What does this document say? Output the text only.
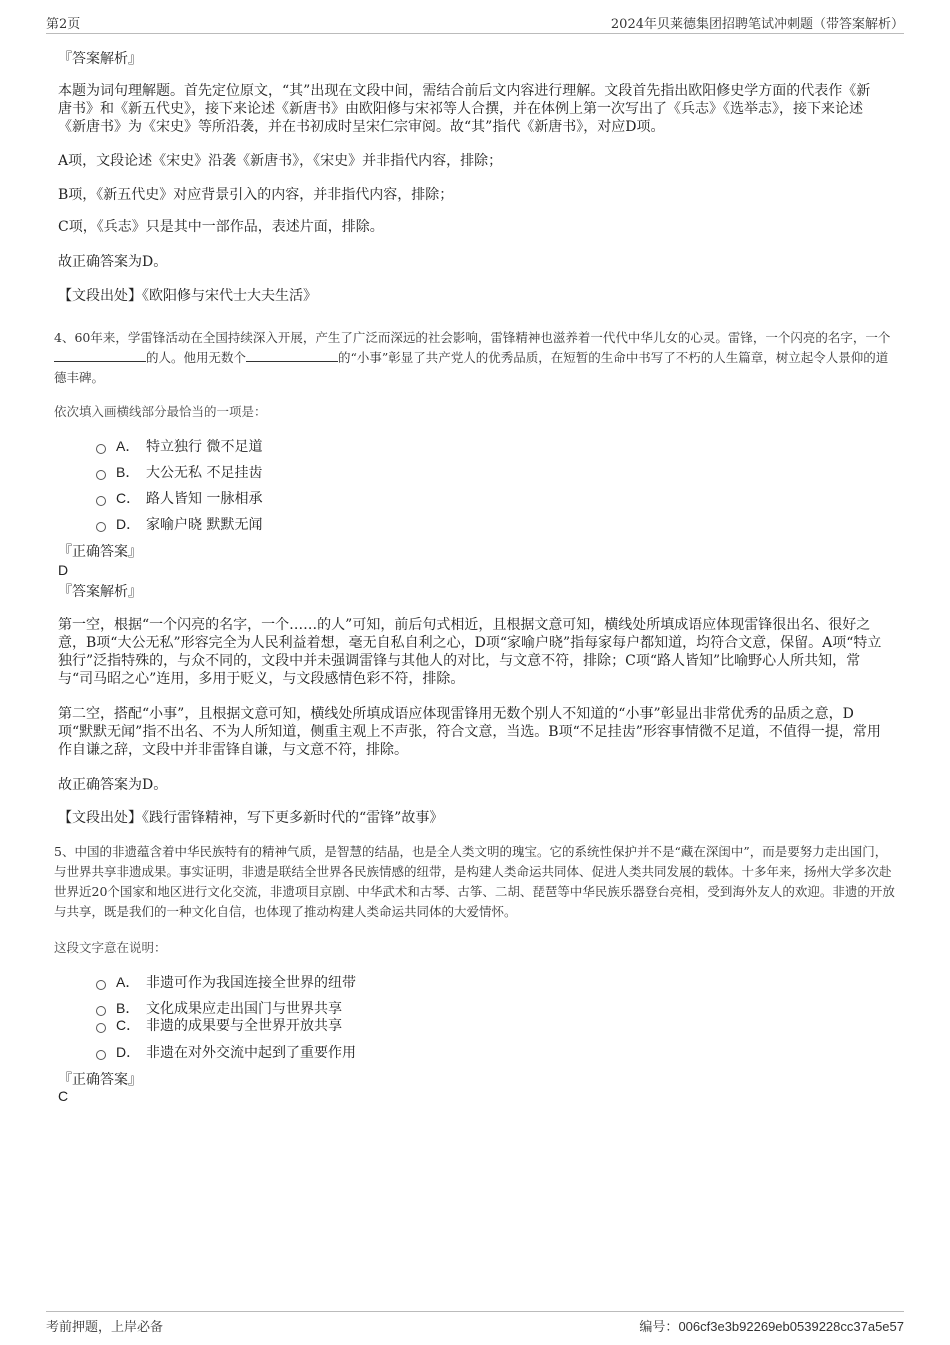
第2页	2024年贝莱德集团招聘笔试冲刺题（带答案解析）
『答案解析』

本题为词句理解题。首先定位原文，“其”出现在文段中间，需结合前后文内容进行理解。文段首先指出欧阳修史学方面的代表作《新唐书》和《新五代史》，接下来论述《新唐书》由欧阳修与宋祁等人合撰，并在体例上第一次写出了《兵志》《选举志》，接下来论述《新唐书》为《宋史》等所沿袭，并在书初成时呈宋仁宗审阅。故“其”指代《新唐书》，对应D项。

A项，文段论述《宋史》沿袭《新唐书》，《宋史》并非指代内容，排除；

B项，《新五代史》对应背景引入的内容，并非指代内容，排除；

C项，《兵志》只是其中一部作品，表述片面，排除。

故正确答案为D。

【文段出处】《欧阳修与宋代士大夫生活》

4、60年来，学雷锋活动在全国持续深入开展，产生了广泛而深远的社会影响，雷锋精神也滋养着一代代中华儿女的心灵。雷锋，一个闪亮的名字，一个的人。他用无数个	的“小事”彰显了共产党人的优秀品质，在短暂的生命中书写了不朽的人生篇章，树立起令人景仰的道德丰碑。

依次填入画横线部分最恰当的一项是：
A． 特立独行 微不足道
B． 大公无私 不足挂齿
C． 路人皆知 一脉相承
D． 家喻户晓 默默无闻
『正确答案』
D
『答案解析』

第一空，根据“一个闪亮的名字，一个……的人”可知，前后句式相近，且根据文意可知，横线处所填成语应体现雷锋很出名、很好之意，B项“大公无私”形容完全为人民利益着想，毫无自私自利之心，D项“家喻户晓”指每家每户都知道，均符合文意，保留。A项“特立独行”泛指特殊的，与众不同的，文段中并未强调雷锋与其他人的对比，与文意不符，排除；C项“路人皆知”比喻野心人所共知，常与“司马昭之心”连用，多用于贬义，与文段感情色彩不符，排除。

第二空，搭配“小事”，且根据文意可知，横线处所填成语应体现雷锋用无数个别人不知道的“小事”彰显出非常优秀的品质之意，D项“默默无闻”指不出名、不为人所知道，侧重主观上不声张，符合文意，当选。B项“不足挂齿”形容事情微不足道，不值得一提，常用作自谦之辞，文段中并非雷锋自谦，与文意不符，排除。

故正确答案为D。

【文段出处】《践行雷锋精神，写下更多新时代的“雷锋”故事》

5、中国的非遗蕴含着中华民族特有的精神气质，是智慧的结晶，也是全人类文明的瑰宝。它的系统性保护并不是“藏在深闺中”，而是要努力走出国门，与世界共享非遗成果。事实证明，非遗是联结全世界各民族情感的纽带，是构建人类命运共同体、促进人类共同发展的载体。十多年来，扬州大学多次赴世界近20个国家和地区进行文化交流，非遗项目京剧、中华武术和古琴、古筝、二胡、琵琶等中华民族乐器登台亮相，受到海外友人的欢迎。非遗的开放与共享，既是我们的一种文化自信，也体现了推动构建人类命运共同体的大爱情怀。

这段文字意在说明：
A． 非遗可作为我国连接全世界的纽带
B． 文化成果应走出国门与世界共享
C． 非遗的成果要与全世界开放共享
D． 非遗在对外交流中起到了重要作用
『正确答案』
C
考前押题，上岸必备	编号：006cf3e3b92269eb0539228cc37a5e57
